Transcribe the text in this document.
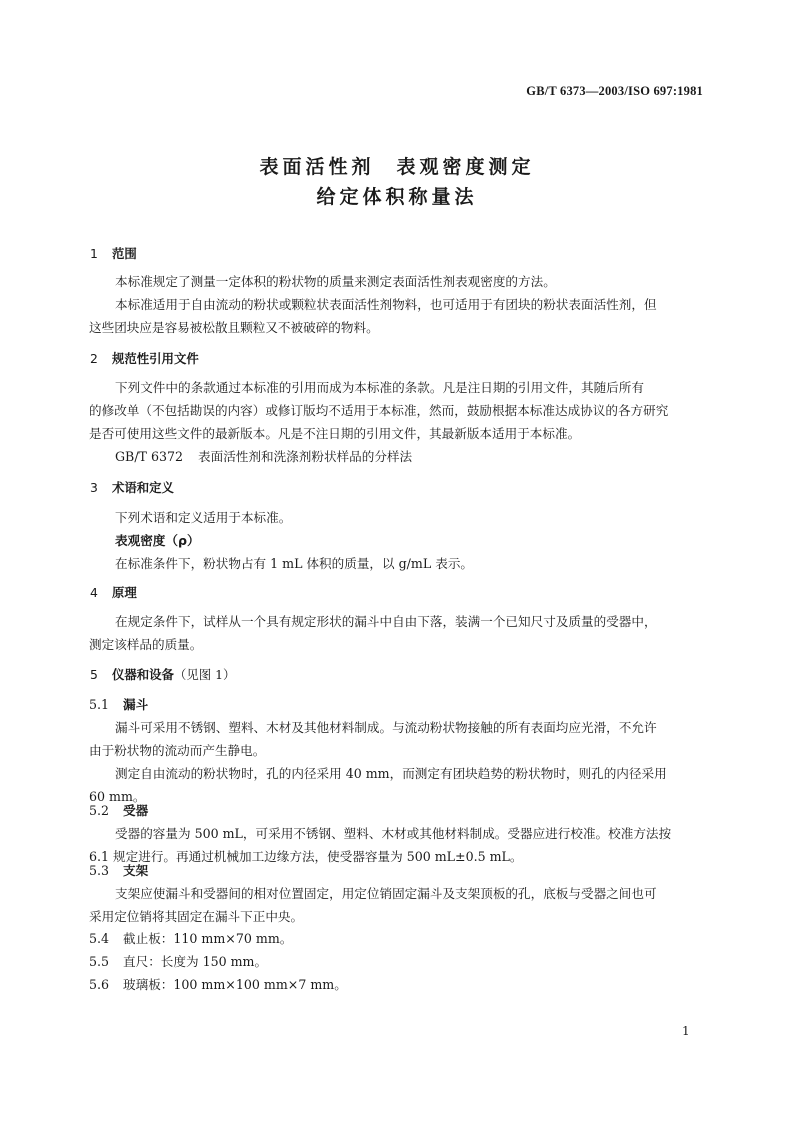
GB/T 6373—2003/ISO 697:1981
表面活性剂 表观密度测定
给定体积称量法
1 范围
本标准规定了测量一定体积的粉状物的质量来测定表面活性剂表观密度的方法。
本标准适用于自由流动的粉状或颗粒状表面活性剂物料，也可适用于有团块的粉状表面活性剂，但
这些团块应是容易被松散且颗粒又不被破碎的物料。
2 规范性引用文件
下列文件中的条款通过本标准的引用而成为本标准的条款。凡是注日期的引用文件，其随后所有
的修改单（不包括勘误的内容）或修订版均不适用于本标准，然而，鼓励根据本标准达成协议的各方研究
是否可使用这些文件的最新版本。凡是不注日期的引用文件，其最新版本适用于本标准。
GB/T 6372 表面活性剂和洗涤剂粉状样品的分样法
3 术语和定义
下列术语和定义适用于本标准。
表观密度（ρ）
在标准条件下，粉状物占有 1 mL 体积的质量，以 g/mL 表示。
4 原理
在规定条件下，试样从一个具有规定形状的漏斗中自由下落，装满一个已知尺寸及质量的受器中，
测定该样品的质量。
5 仪器和设备（见图 1）
5.1 漏斗
漏斗可采用不锈钢、塑料、木材及其他材料制成。与流动粉状物接触的所有表面均应光滑，不允许
由于粉状物的流动而产生静电。
测定自由流动的粉状物时，孔的内径采用 40 mm，而测定有团块趋势的粉状物时，则孔的内径采用
60 mm。
5.2 受器
受器的容量为 500 mL，可采用不锈钢、塑料、木材或其他材料制成。受器应进行校准。校准方法按
6.1 规定进行。再通过机械加工边缘方法，使受器容量为 500 mL±0.5 mL。
5.3 支架
支架应使漏斗和受器间的相对位置固定，用定位销固定漏斗及支架顶板的孔，底板与受器之间也可
采用定位销将其固定在漏斗下正中央。
5.4 截止板：110 mm×70 mm。
5.5 直尺：长度为 150 mm。
5.6 玻璃板：100 mm×100 mm×7 mm。
1
